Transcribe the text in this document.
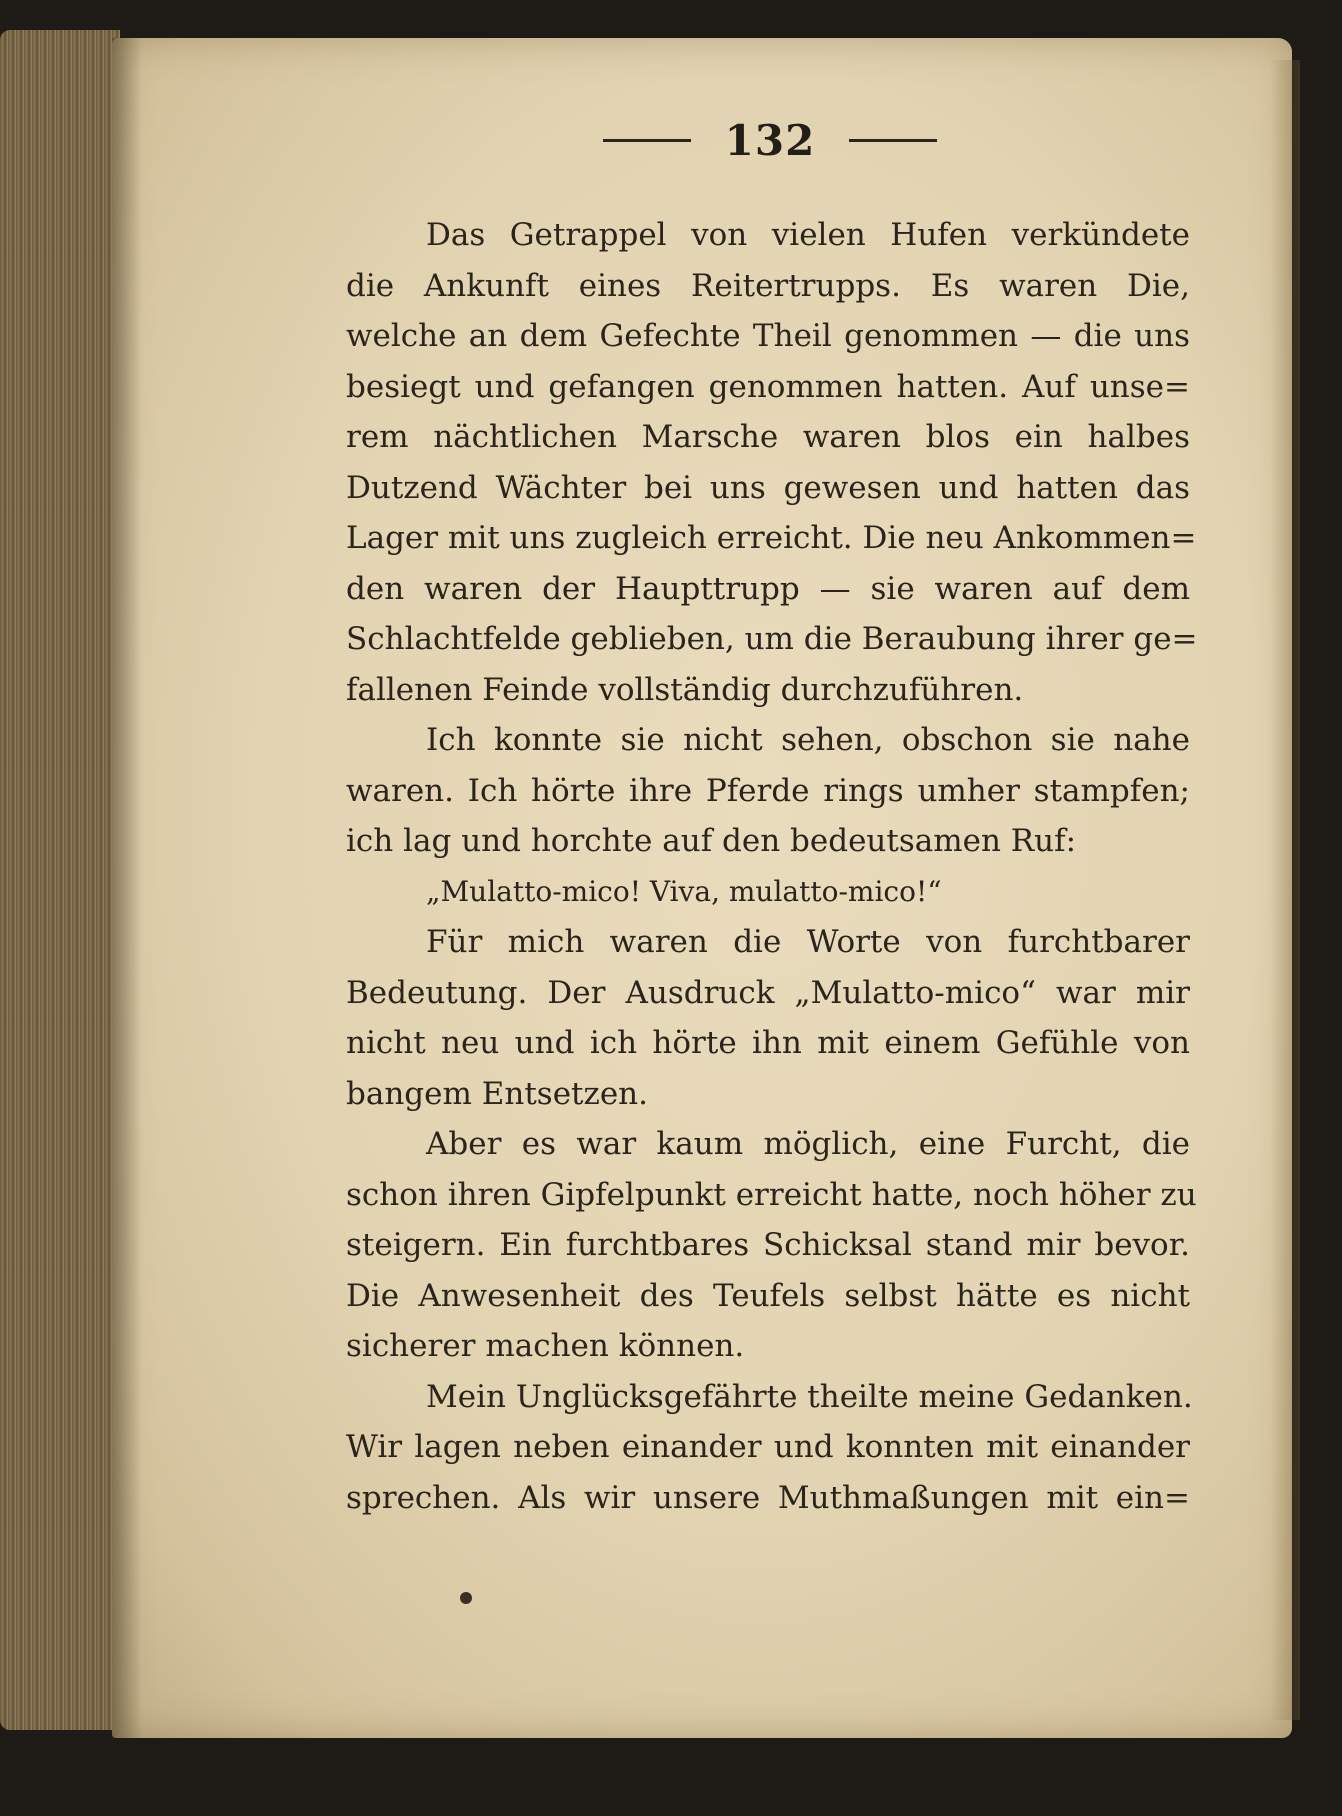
132
Das Getrappel von vielen Hufen verkündete
die Ankunft eines Reitertrupps. Es waren Die,
welche an dem Gefechte Theil genommen — die uns
besiegt und gefangen genommen hatten. Auf unse=
rem nächtlichen Marsche waren blos ein halbes
Dutzend Wächter bei uns gewesen und hatten das
Lager mit uns zugleich erreicht. Die neu Ankommen=
den waren der Haupttrupp — sie waren auf dem
Schlachtfelde geblieben, um die Beraubung ihrer ge=
fallenen Feinde vollständig durchzuführen.
Ich konnte sie nicht sehen, obschon sie nahe
waren. Ich hörte ihre Pferde rings umher stampfen;
ich lag und horchte auf den bedeutsamen Ruf:
„Mulatto-mico! Viva, mulatto-mico!“
Für mich waren die Worte von furchtbarer
Bedeutung. Der Ausdruck „Mulatto-mico“ war mir
nicht neu und ich hörte ihn mit einem Gefühle von
bangem Entsetzen.
Aber es war kaum möglich, eine Furcht, die
schon ihren Gipfelpunkt erreicht hatte, noch höher zu
steigern. Ein furchtbares Schicksal stand mir bevor.
Die Anwesenheit des Teufels selbst hätte es nicht
sicherer machen können.
Mein Unglücksgefährte theilte meine Gedanken.
Wir lagen neben einander und konnten mit einander
sprechen. Als wir unsere Muthmaßungen mit ein=
